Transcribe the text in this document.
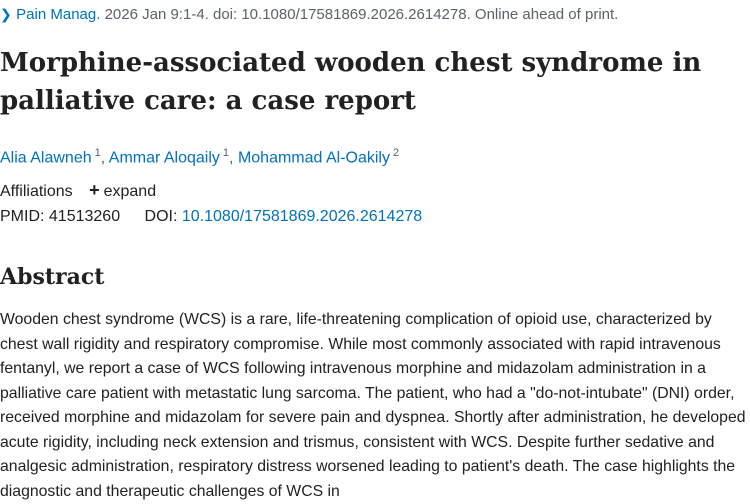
❯ Pain Manag. 2026 Jan 9:1-4. doi: 10.1080/17581869.2026.2614278. Online ahead of print.
Morphine-associated wooden chest syndrome in palliative care: a case report
Alia Alawneh $^1$, Ammar Aloqaily $^1$, Mohammad Al-Oakily $^2$
Affiliations + expand
PMID: 41513260 DOI: 10.1080/17581869.2026.2614278
Abstract

Wooden chest syndrome (WCS) is a rare, life-threatening complication of opioid use, characterized by chest wall rigidity and respiratory compromise. While most commonly associated with rapid intravenous fentanyl, we report a case of WCS following intravenous morphine and midazolam administration in a palliative care patient with metastatic lung sarcoma. The patient, who had a "do-not-intubate" (DNI) order, received morphine and midazolam for severe pain and dyspnea. Shortly after administration, he developed acute rigidity, including neck extension and trismus, consistent with WCS. Despite further sedative and analgesic administration, respiratory distress worsened leading to patient's death. The case highlights the diagnostic and therapeutic challenges of WCS in
